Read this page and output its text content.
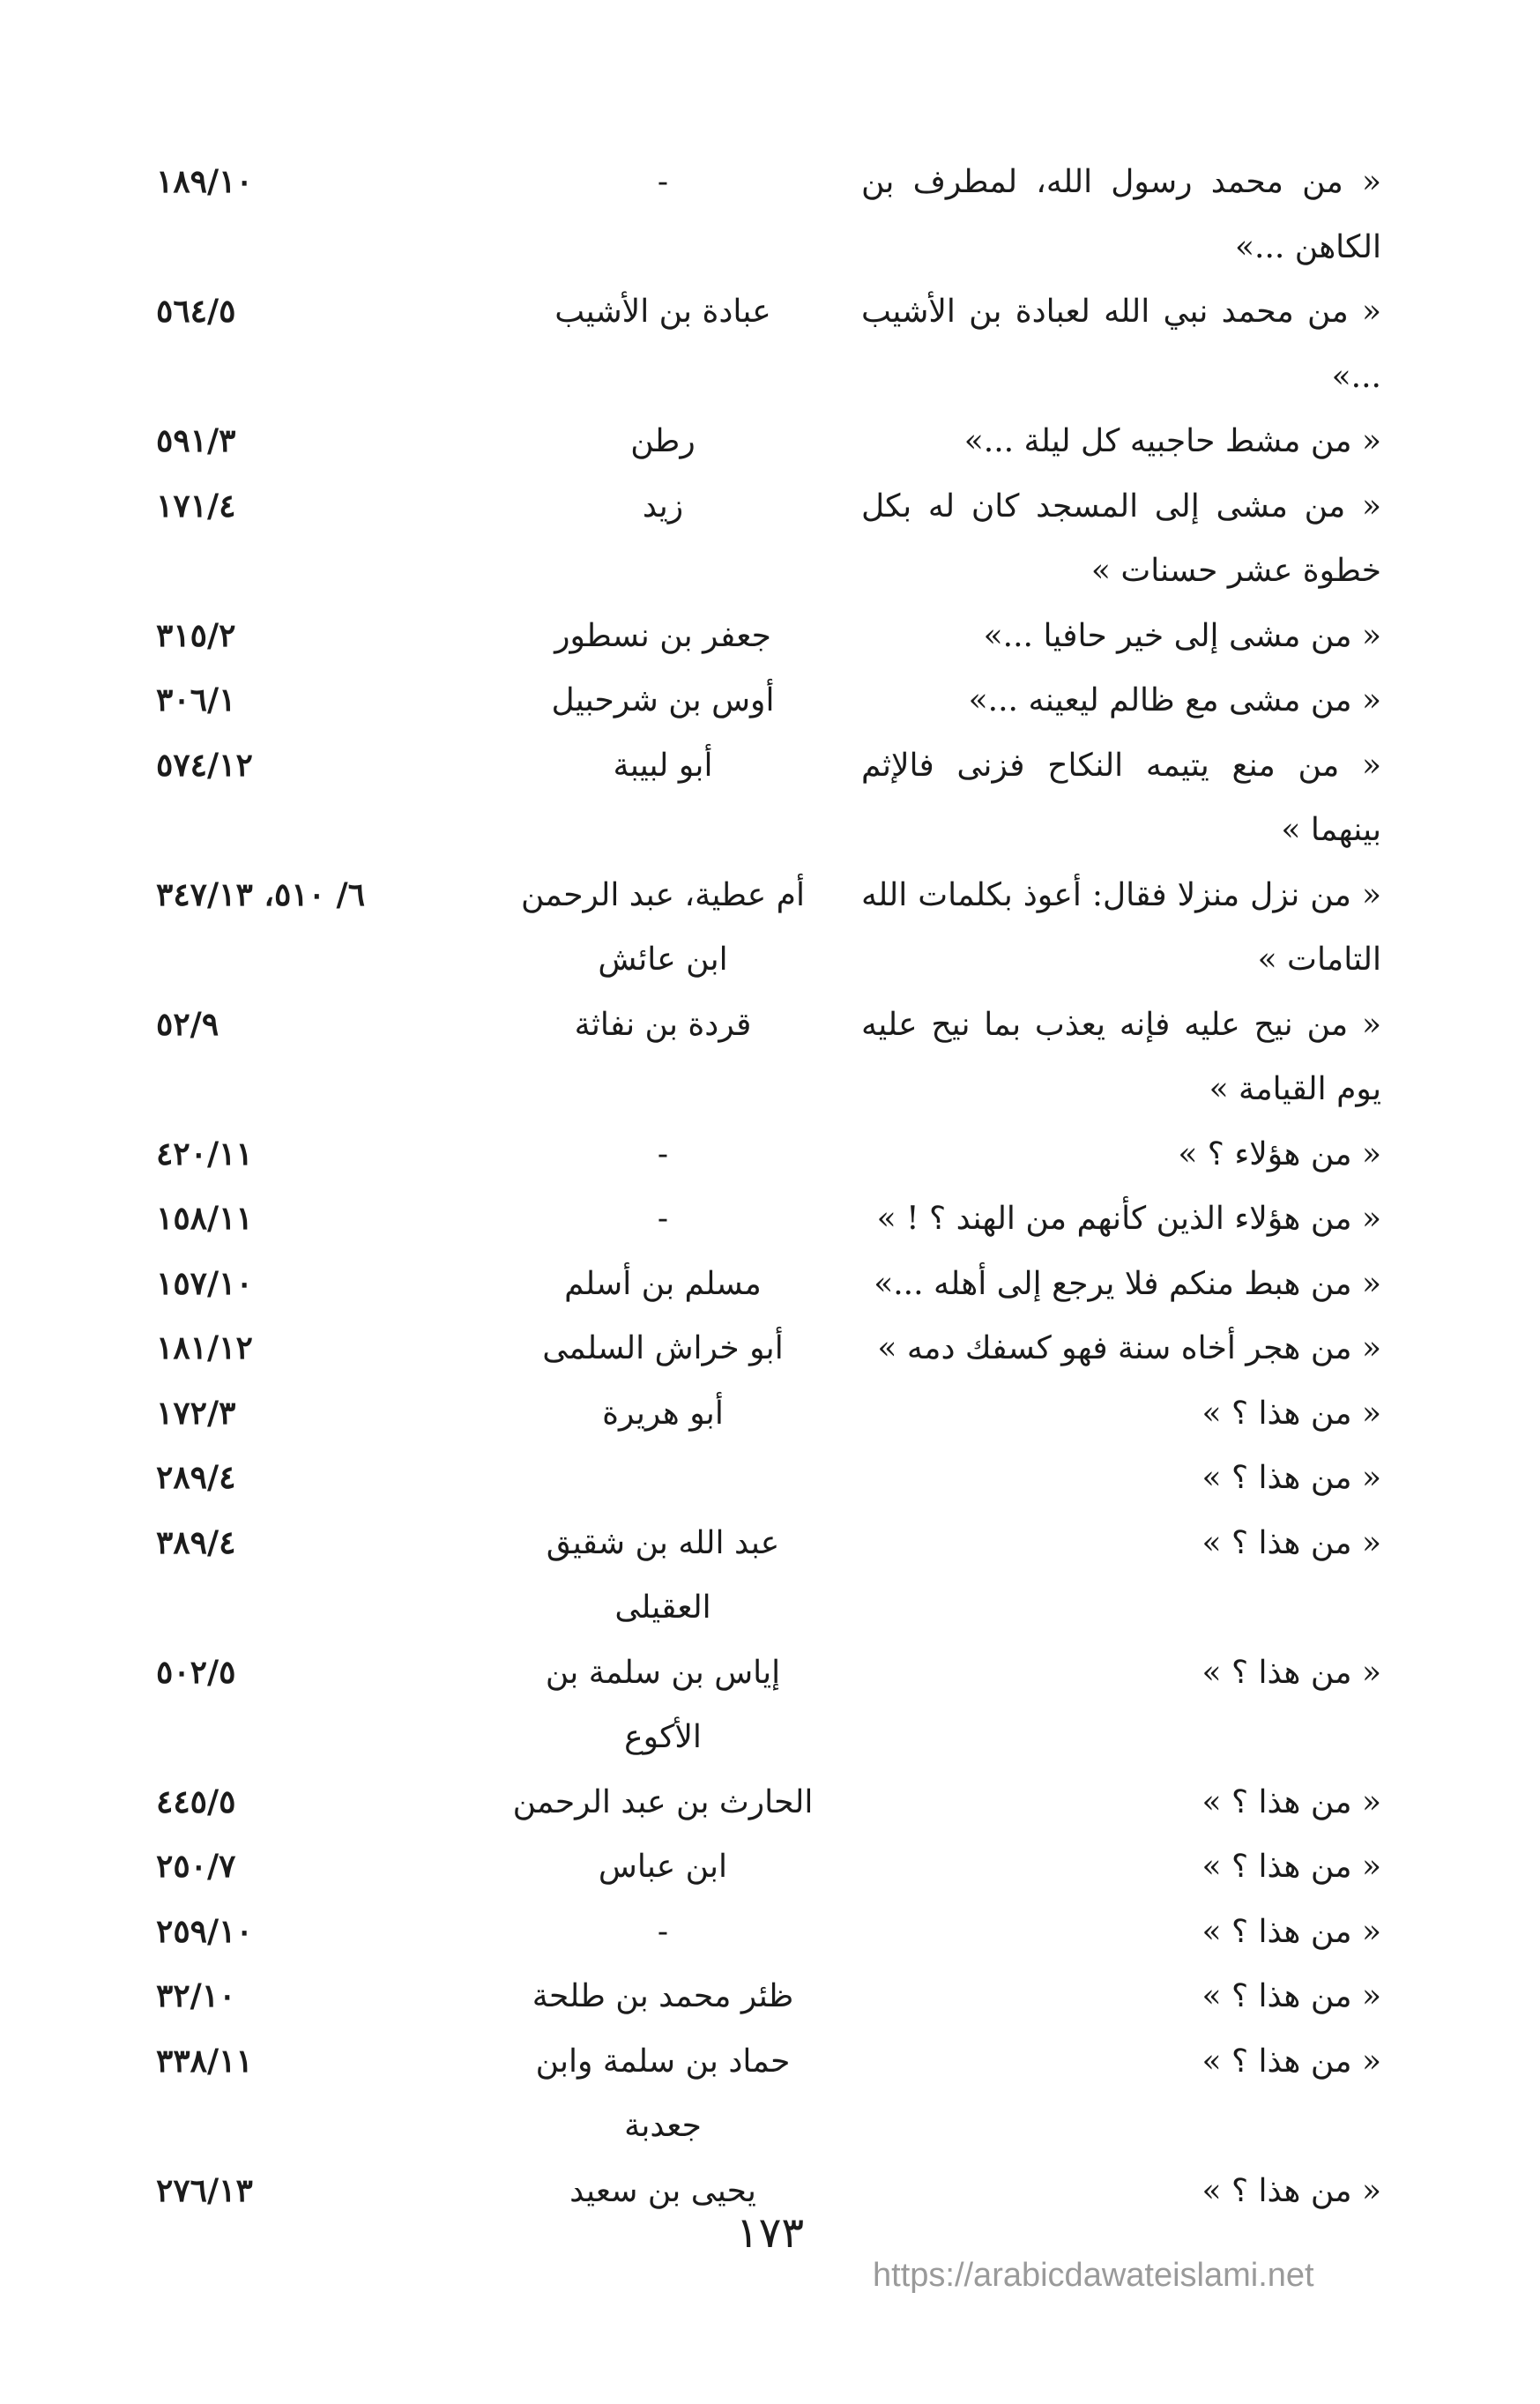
« من محمد رسول الله، لمطرف بن الكاهن ...»
-
١٨٩/١٠
« من محمد نبي الله لعبادة بن الأشيب ...»
عبادة بن الأشيب
٥٦٤/٥
« من مشط حاجبيه كل ليلة ...»
رطن
٥٩١/٣
« من مشى إلى المسجد كان له بكل خطوة عشر حسنات »
زيد
١٧١/٤
« من مشى إلى خير حافيا ...»
جعفر بن نسطور
٣١٥/٢
« من مشى مع ظالم ليعينه ...»
أوس بن شرحبيل
٣٠٦/١
« من منع يتيمه النكاح فزنى فالإثم بينهما »
أبو لبيبة
٥٧٤/١٢
« من نزل منزلا فقال: أعوذ بكلمات الله التامات »
أم عطية، عبد الرحمن ابن عائش
٦/ ٥١٠، ٣٤٧/١٣
« من نيح عليه فإنه يعذب بما نيح عليه يوم القيامة »
قردة بن نفاثة
٥٢/٩
« من هؤلاء ؟ »
-
٤٢٠/١١
« من هؤلاء الذين كأنهم من الهند ؟ ! »
-
١٥٨/١١
« من هبط منكم فلا يرجع إلى أهله ...»
مسلم بن أسلم
١٥٧/١٠
« من هجر أخاه سنة فهو كسفك دمه »
أبو خراش السلمى
١٨١/١٢
« من هذا ؟ »
أبو هريرة
١٧٢/٣
« من هذا ؟ »
٢٨٩/٤
« من هذا ؟ »
عبد الله بن شقيق العقيلى
٣٨٩/٤
« من هذا ؟ »
إياس بن سلمة بن الأكوع
٥٠٢/٥
« من هذا ؟ »
الحارث بن عبد الرحمن
٤٤٥/٥
« من هذا ؟ »
ابن عباس
٢٥٠/٧
« من هذا ؟ »
-
٢٥٩/١٠
« من هذا ؟ »
ظئر محمد بن طلحة
٣٢/١٠
« من هذا ؟ »
حماد بن سلمة وابن جعدبة
٣٣٨/١١
« من هذا ؟ »
يحيى بن سعيد
٢٧٦/١٣
١٧٣
https://arabicdawateislami.net
